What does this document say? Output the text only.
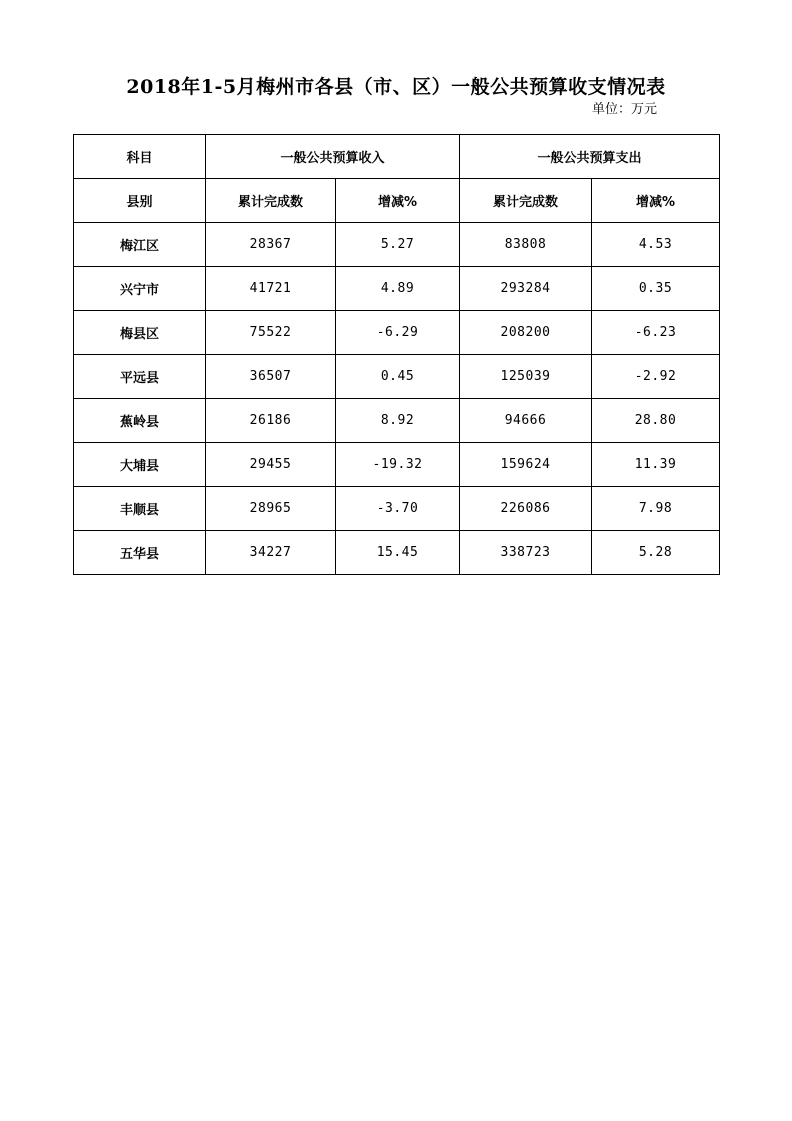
2018年1-5月梅州市各县（市、区）一般公共预算收支情况表
单位：万元
科目	一般公共预算收入		一般公共预算支出	
县别	累计完成数	增减%	累计完成数	增减%
梅江区	28367	5.27	83808	4.53
兴宁市	41721	4.89	293284	0.35
梅县区	75522	-6.29	208200	-6.23
平远县	36507	0.45	125039	-2.92
蕉岭县	26186	8.92	94666	28.80
大埔县	29455	-19.32	159624	11.39
丰顺县	28965	-3.70	226086	7.98
五华县	34227	15.45	338723	5.28
